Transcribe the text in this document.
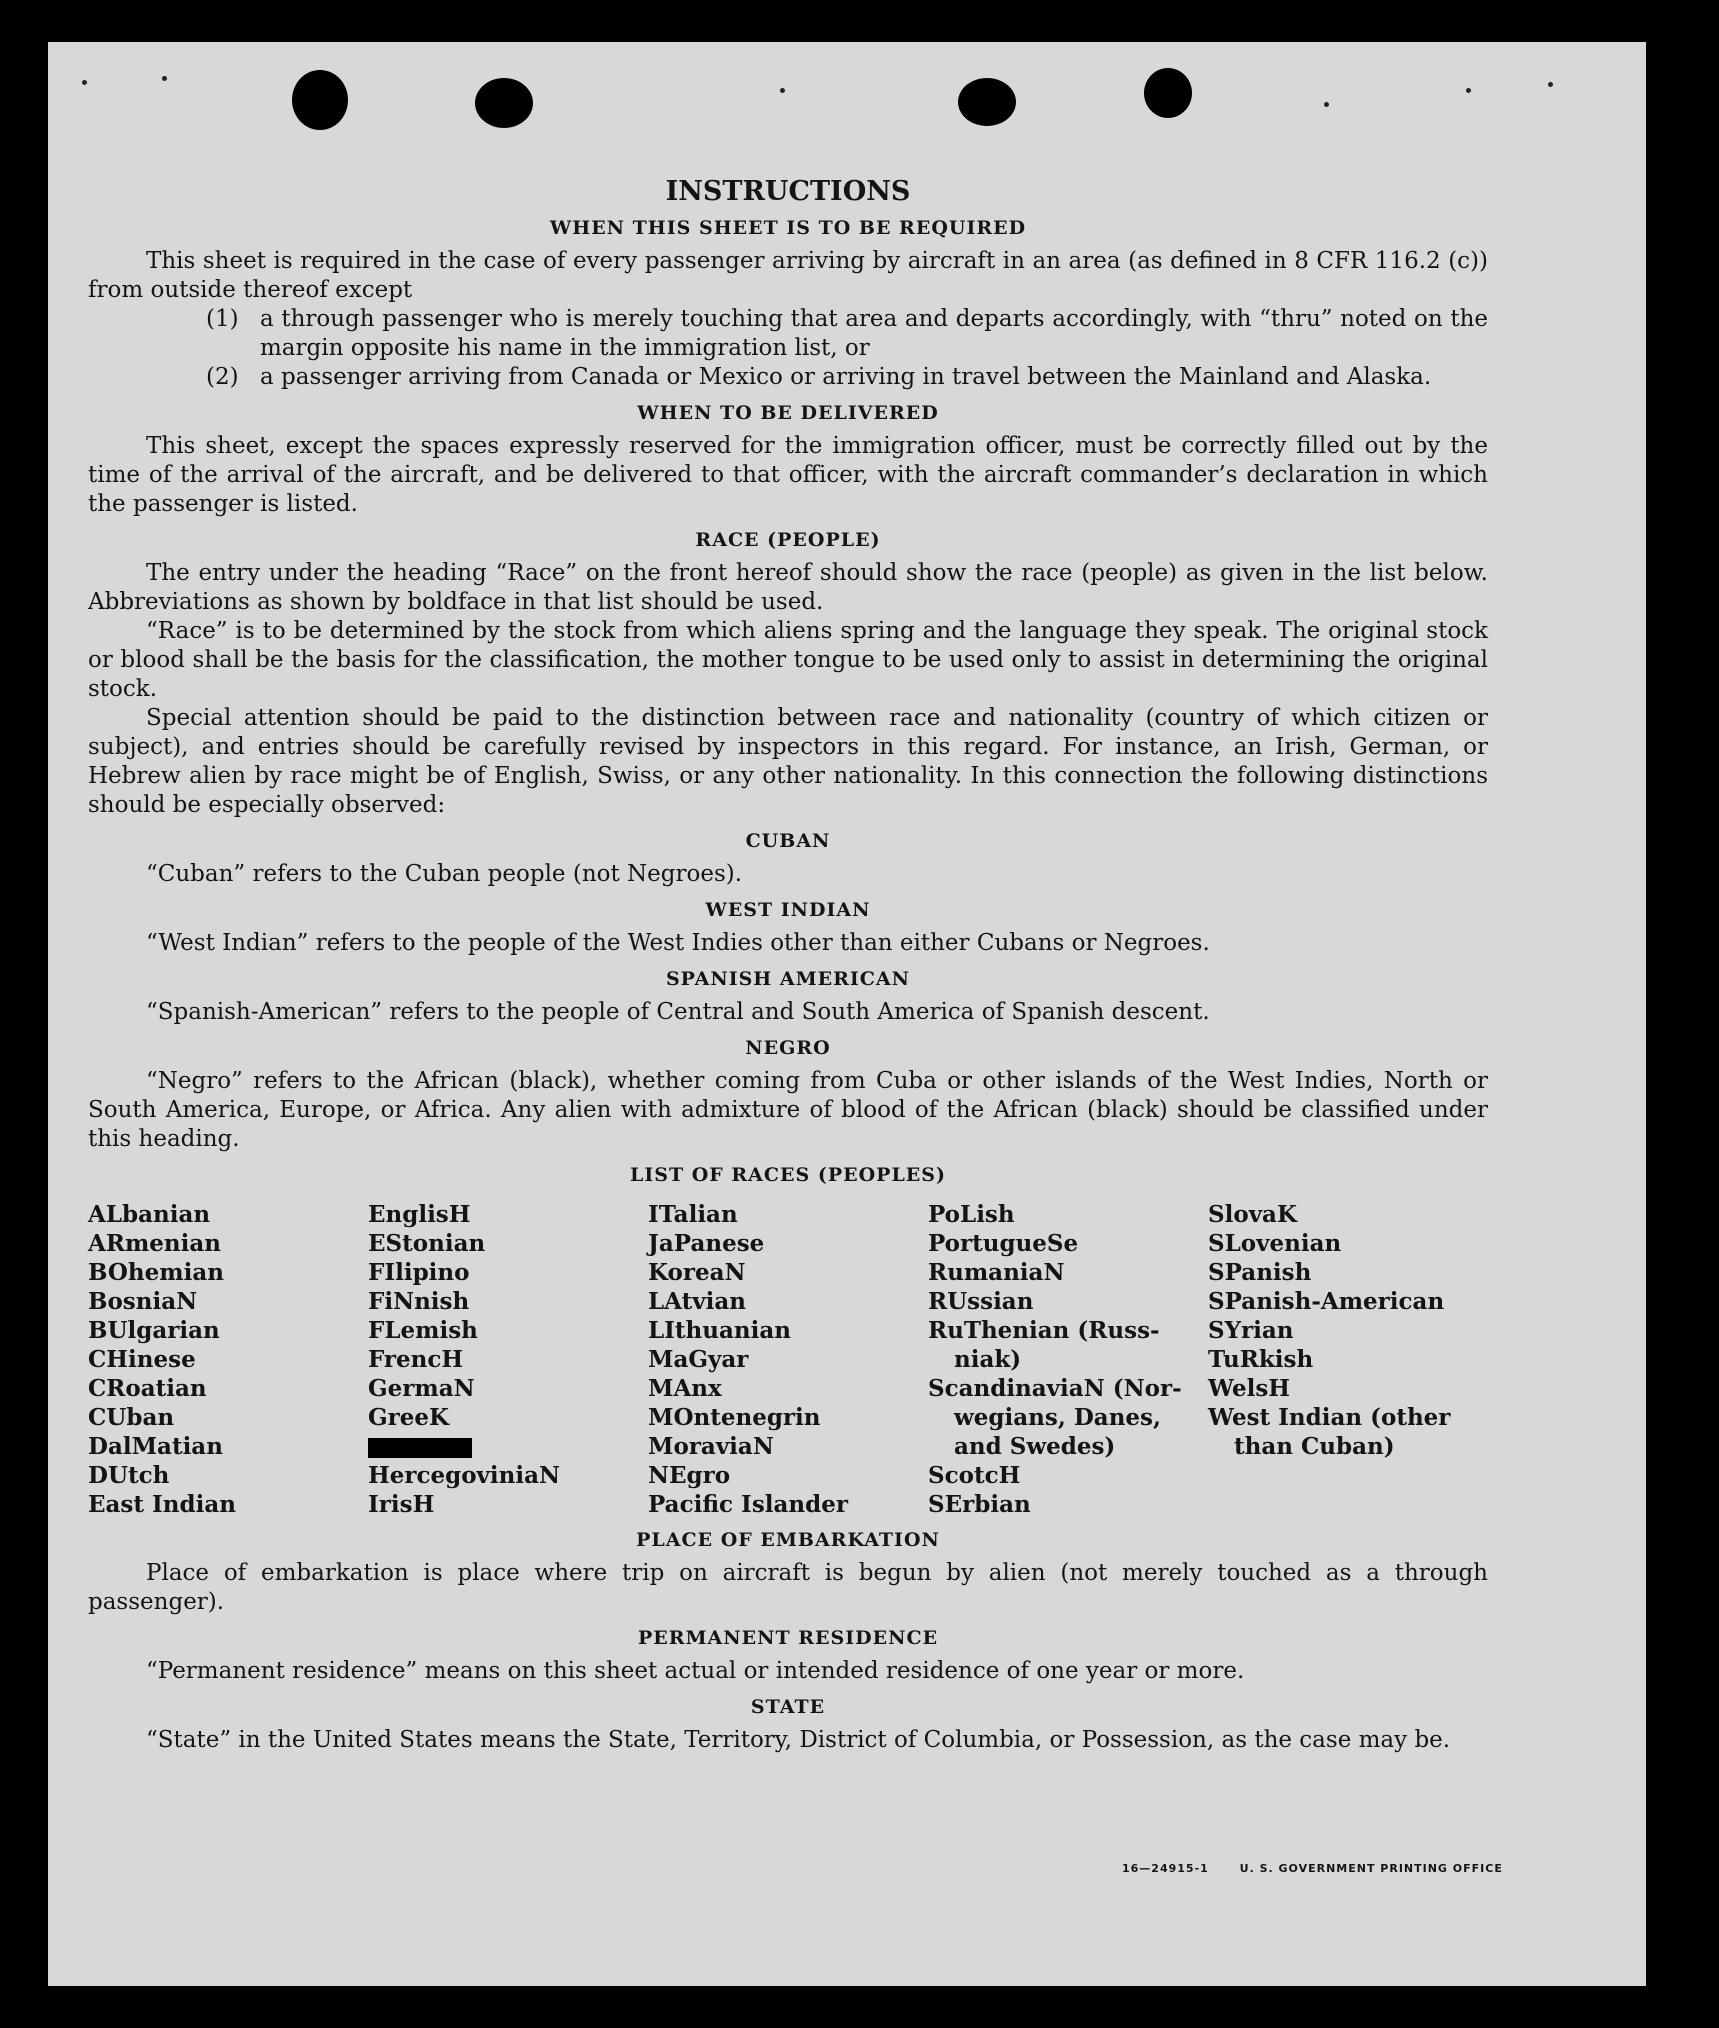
INSTRUCTIONS
WHEN THIS SHEET IS TO BE REQUIRED

This sheet is required in the case of every passenger arriving by aircraft in an area (as defined in 8 CFR 116.2 (c)) from outside thereof except

(1) a through passenger who is merely touching that area and departs accordingly, with “thru” noted on the margin opposite his name in the immigration list, or
(2) a passenger arriving from Canada or Mexico or arriving in travel between the Mainland and Alaska.
WHEN TO BE DELIVERED

This sheet, except the spaces expressly reserved for the immigration officer, must be correctly filled out by the time of the arrival of the aircraft, and be delivered to that officer, with the aircraft commander’s declaration in which the passenger is listed.

RACE (PEOPLE)

The entry under the heading “Race” on the front hereof should show the race (people) as given in the list below. Abbreviations as shown by boldface in that list should be used.

“Race” is to be determined by the stock from which aliens spring and the language they speak. The original stock or blood shall be the basis for the classification, the mother tongue to be used only to assist in determining the original stock.

Special attention should be paid to the distinction between race and nationality (country of which citizen or subject), and entries should be carefully revised by inspectors in this regard. For instance, an Irish, German, or Hebrew alien by race might be of English, Swiss, or any other nationality. In this connection the following distinctions should be especially observed:

CUBAN

“Cuban” refers to the Cuban people (not Negroes).

WEST INDIAN

“West Indian” refers to the people of the West Indies other than either Cubans or Negroes.

SPANISH AMERICAN

“Spanish-American” refers to the people of Central and South America of Spanish descent.

NEGRO

“Negro” refers to the African (black), whether coming from Cuba or other islands of the West Indies, North or South America, Europe, or Africa. Any alien with admixture of blood of the African (black) should be classified under this heading.

LIST OF RACES (PEOPLES)
ALbanian
ARmenian
BOhemian
BosniaN
BUlgarian
CHinese
CRoatian
CUban
DalMatian
DUtch
East Indian
EnglisH
EStonian
FIlipino
FiNnish
FLemish
FrencH
GermaN
GreeK
HercegoviniaN
IrisH
ITalian
JaPanese
KoreaN
LAtvian
LIthuanian
MaGyar
MAnx
MOntenegrin
MoraviaN
NEgro
Pacific Islander
PoLish
PortugueSe
RumaniaN
RUssian
RuThenian (Russ-
niak)
ScandinaviaN (Nor-
wegians, Danes,
and Swedes)
ScotcH
SErbian
SlovaK
SLovenian
SPanish
SPanish-American
SYrian
TuRkish
WelsH
West Indian (other
than Cuban)
PLACE OF EMBARKATION

Place of embarkation is place where trip on aircraft is begun by alien (not merely touched as a through passenger).

PERMANENT RESIDENCE

“Permanent residence” means on this sheet actual or intended residence of one year or more.

STATE

“State” in the United States means the State, Territory, District of Columbia, or Possession, as the case may be.

16—24915-1	U. S. GOVERNMENT PRINTING OFFICE
